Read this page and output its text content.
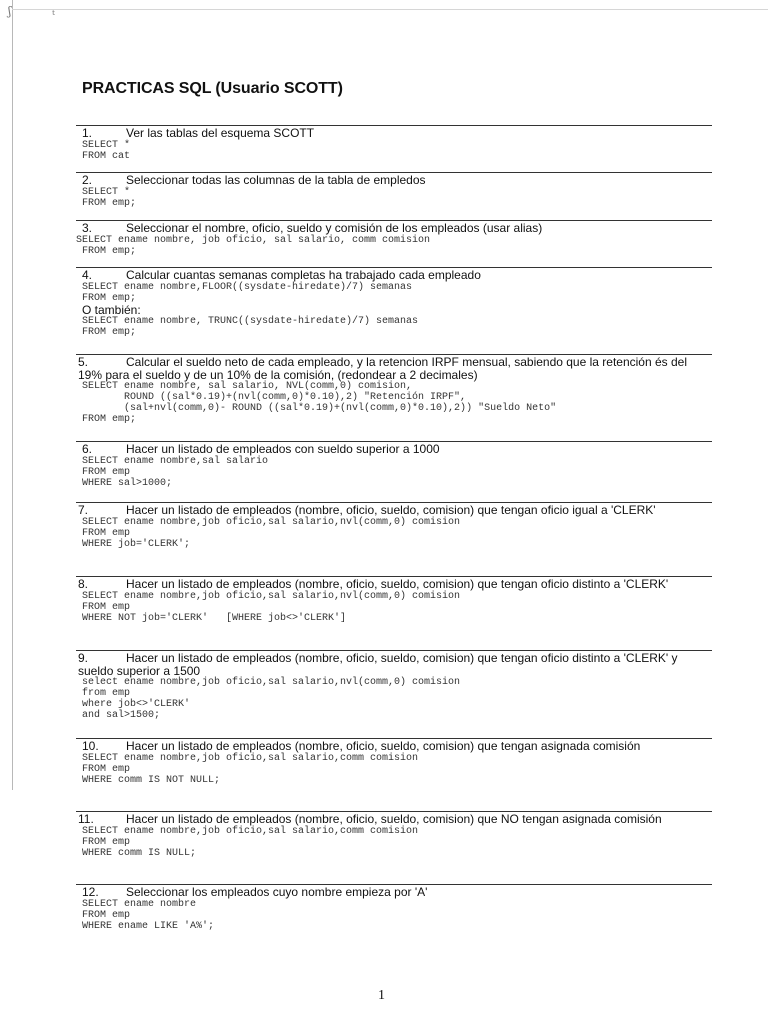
ʃ	ᵗ
PRACTICAS SQL (Usuario SCOTT)
1.	Ver las tablas del esquema SCOTT
SELECT *
FROM cat
2.	Seleccionar todas las columnas de la tabla de empledos
SELECT *
FROM emp;
3.	Seleccionar el nombre, oficio, sueldo y comisión de los empleados (usar alias)
SELECT ename nombre, job oficio, sal salario, comm comision
FROM emp;
4.	Calcular cuantas semanas completas ha trabajado cada empleado
SELECT ename nombre,FLOOR((sysdate-hiredate)/7) semanas
FROM emp;
O también:
SELECT ename nombre, TRUNC((sysdate-hiredate)/7) semanas
FROM emp;
5.	Calcular el sueldo neto de cada empleado, y la retencion IRPF mensual, sabiendo que la retención és del 19% para el sueldo y de un 10% de la comisión, (redondear a 2 decimales)
SELECT ename nombre, sal salario, NVL(comm,0) comision,
ROUND ((sal*0.19)+(nvl(comm,0)*0.10),2) "Retención IRPF",
(sal+nvl(comm,0)- ROUND ((sal*0.19)+(nvl(comm,0)*0.10),2)) "Sueldo Neto"
FROM emp;
6.	Hacer un listado de empleados con sueldo superior a 1000
SELECT ename nombre,sal salario
FROM emp
WHERE sal>1000;
7.	Hacer un listado de empleados (nombre, oficio, sueldo, comision) que tengan oficio igual a 'CLERK'
SELECT ename nombre,job oficio,sal salario,nvl(comm,0) comision
FROM emp
WHERE job='CLERK';
8.	Hacer un listado de empleados (nombre, oficio, sueldo, comision) que tengan oficio distinto a 'CLERK'
SELECT ename nombre,job oficio,sal salario,nvl(comm,0) comision
FROM emp
WHERE NOT job='CLERK'   [WHERE job<>'CLERK']
9.	Hacer un listado de empleados (nombre, oficio, sueldo, comision) que tengan oficio distinto a 'CLERK' y sueldo superior a 1500
select ename nombre,job oficio,sal salario,nvl(comm,0) comision
from emp
where job<>'CLERK'
and sal>1500;
10. Hacer un listado de empleados (nombre, oficio, sueldo, comision) que tengan asignada comisión
SELECT ename nombre,job oficio,sal salario,comm comision
FROM emp
WHERE comm IS NOT NULL;
11.	Hacer un listado de empleados (nombre, oficio, sueldo, comision) que NO tengan asignada comisión
SELECT ename nombre,job oficio,sal salario,comm comision
FROM emp
WHERE comm IS NULL;
12. Seleccionar los empleados cuyo nombre empieza por 'A'
SELECT ename nombre
FROM emp
WHERE ename LIKE 'A%';
1
